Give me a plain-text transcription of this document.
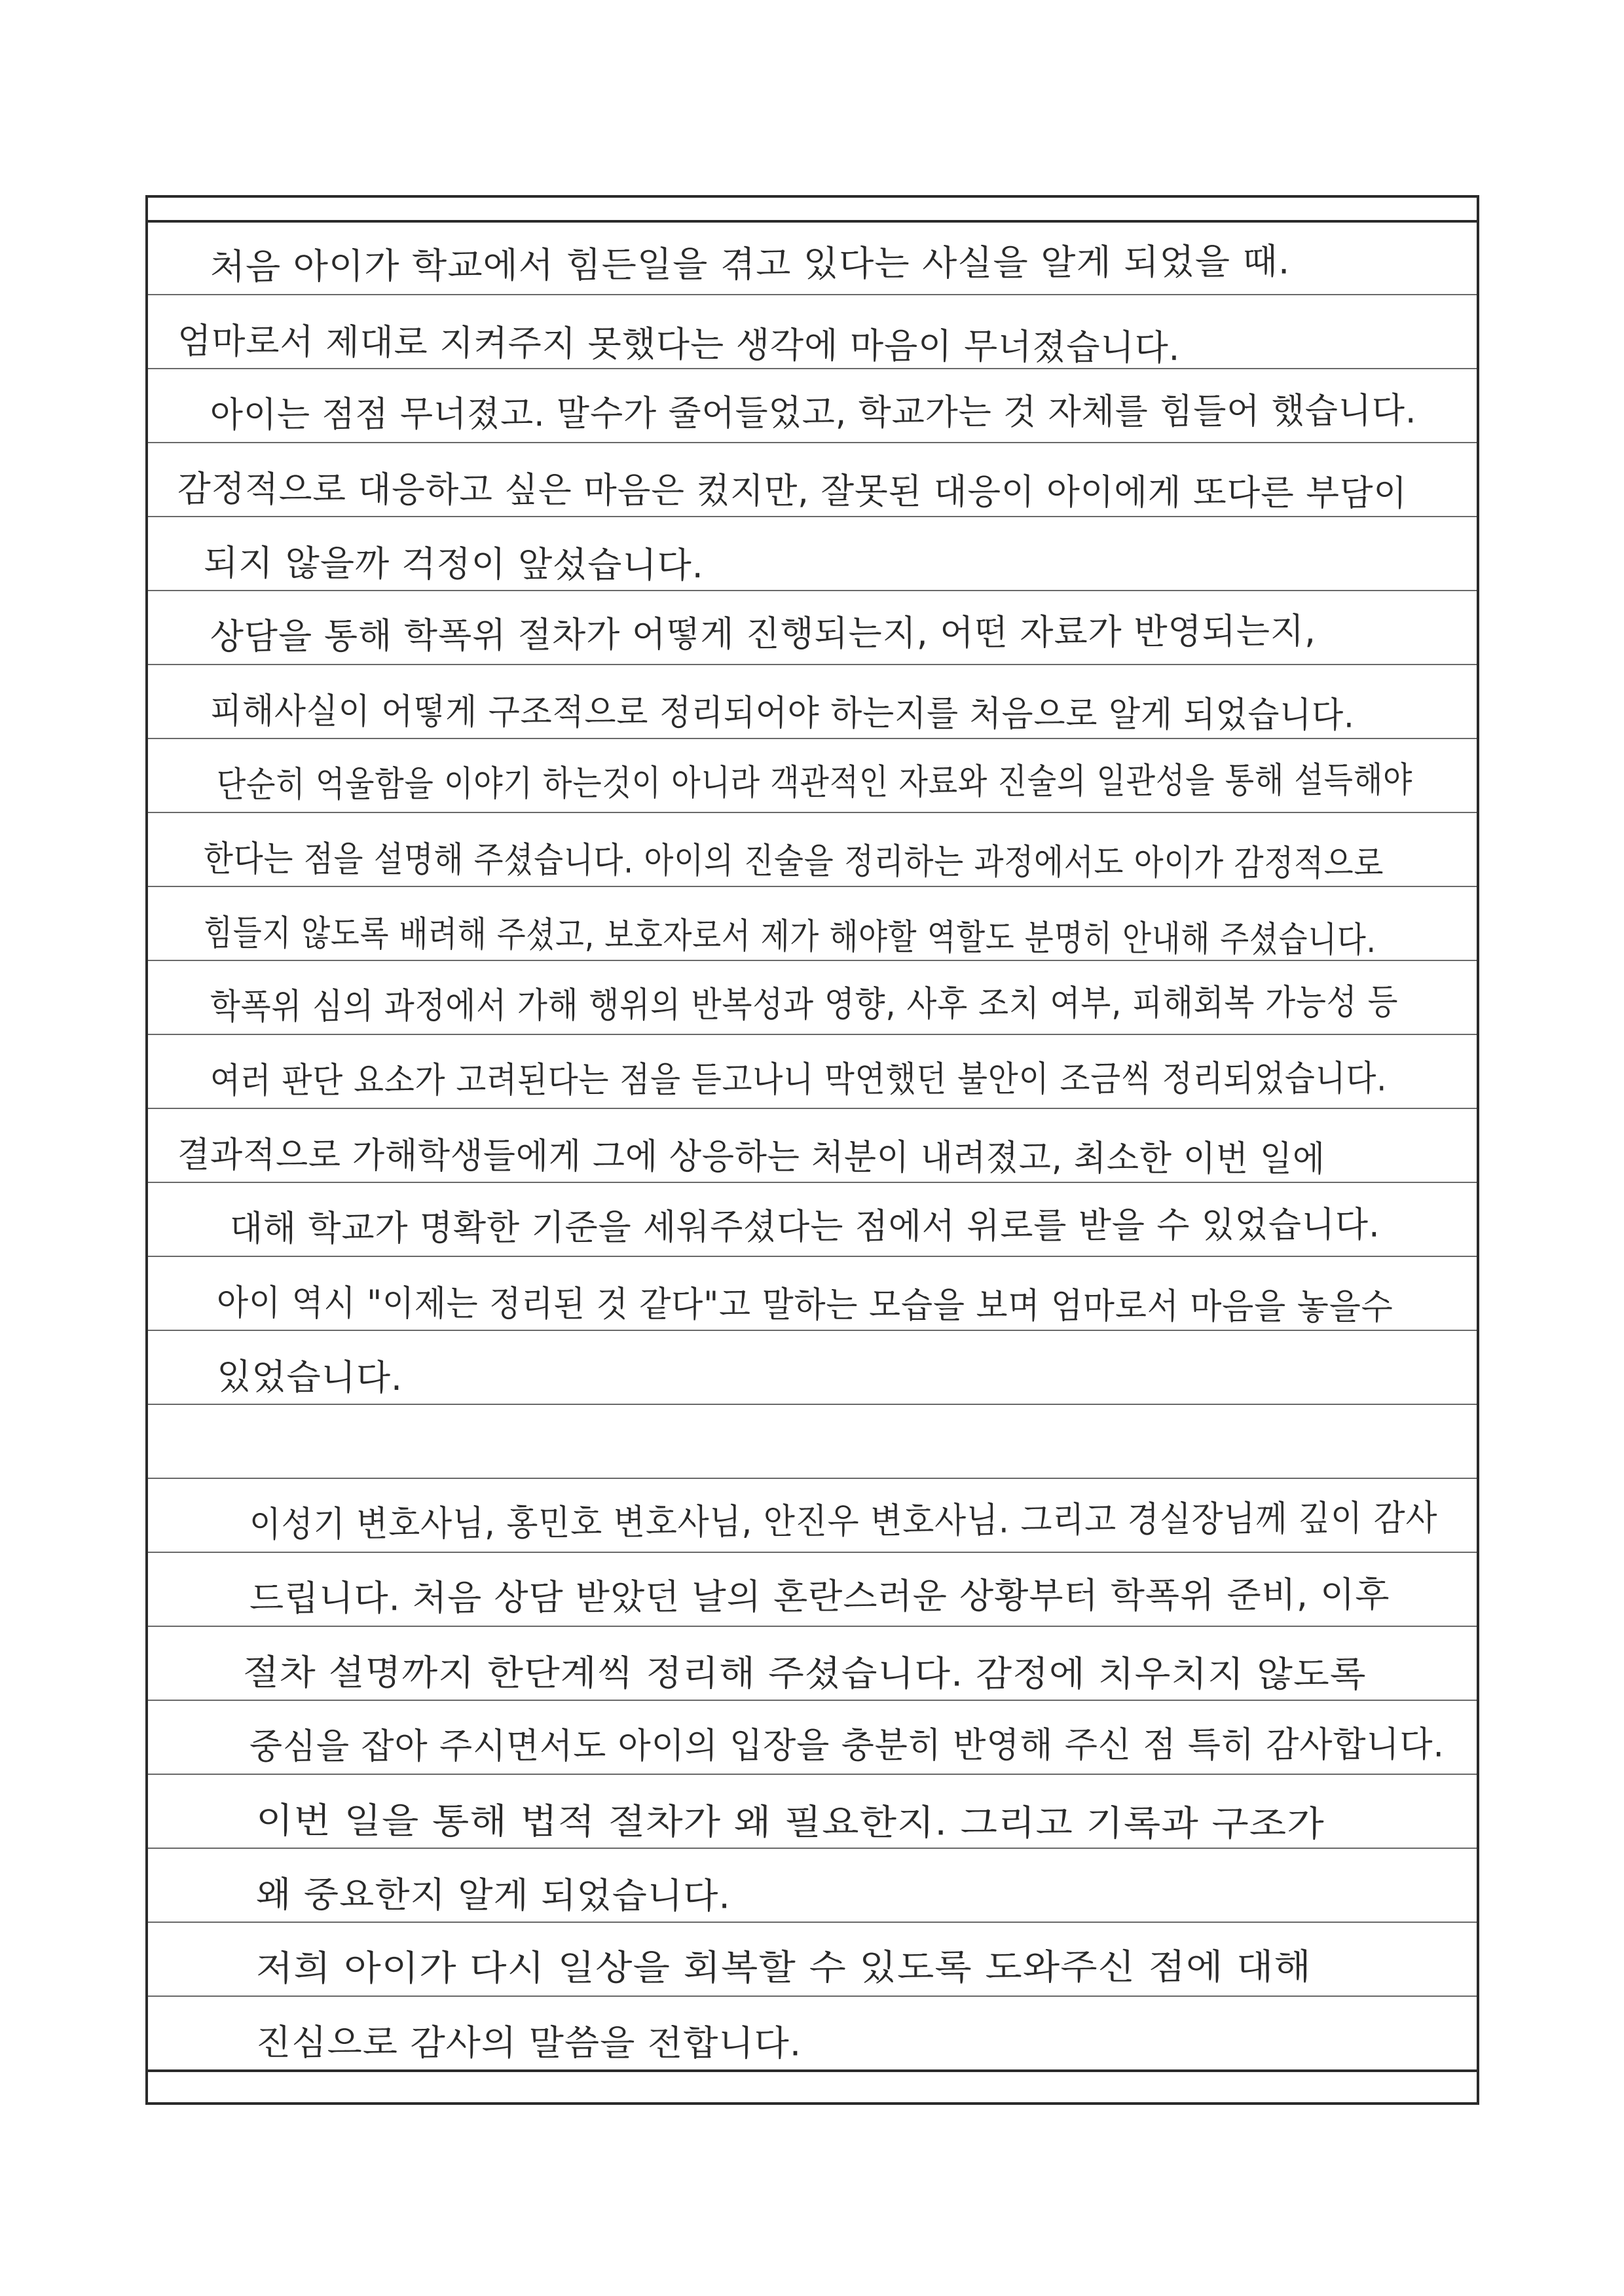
처음 아이가 학교에서 힘든일을 겪고 있다는 사실을 알게 되었을 때.
엄마로서 제대로 지켜주지 못했다는 생각에 마음이 무너졌습니다.
아이는 점점 무너졌고. 말수가 줄어들었고, 학교가는 것 자체를 힘들어 했습니다.
감정적으로 대응하고 싶은 마음은 컸지만, 잘못된 대응이 아이에게 또다른 부담이
되지 않을까 걱정이 앞섰습니다.
상담을 통해 학폭위 절차가 어떻게 진행되는지, 어떤 자료가 반영되는지,
피해사실이 어떻게 구조적으로 정리되어야 하는지를 처음으로 알게 되었습니다.
단순히 억울함을 이야기 하는것이 아니라 객관적인 자료와 진술의 일관성을 통해 설득해야
한다는 점을 설명해 주셨습니다. 아이의 진술을 정리하는 과정에서도 아이가 감정적으로
힘들지 않도록 배려해 주셨고, 보호자로서 제가 해야할 역할도 분명히 안내해 주셨습니다.
학폭위 심의 과정에서 가해 행위의 반복성과 영향, 사후 조치 여부, 피해회복 가능성 등
여러 판단 요소가 고려된다는 점을 듣고나니 막연했던 불안이 조금씩 정리되었습니다.
결과적으로 가해학생들에게 그에 상응하는 처분이 내려졌고, 최소한 이번 일에
대해 학교가 명확한 기준을 세워주셨다는 점에서 위로를 받을 수 있었습니다.
아이 역시 "이제는 정리된 것 같다"고 말하는 모습을 보며 엄마로서 마음을 놓을수
있었습니다.
이성기 변호사님, 홍민호 변호사님, 안진우 변호사님. 그리고 경실장님께 깊이 감사
드립니다. 처음 상담 받았던 날의 혼란스러운 상황부터 학폭위 준비, 이후
절차 설명까지 한단계씩 정리해 주셨습니다. 감정에 치우치지 않도록
중심을 잡아 주시면서도 아이의 입장을 충분히 반영해 주신 점 특히 감사합니다.
이번 일을 통해 법적 절차가 왜 필요한지. 그리고 기록과 구조가
왜 중요한지 알게 되었습니다.
저희 아이가 다시 일상을 회복할 수 있도록 도와주신 점에 대해
진심으로 감사의 말씀을 전합니다.
